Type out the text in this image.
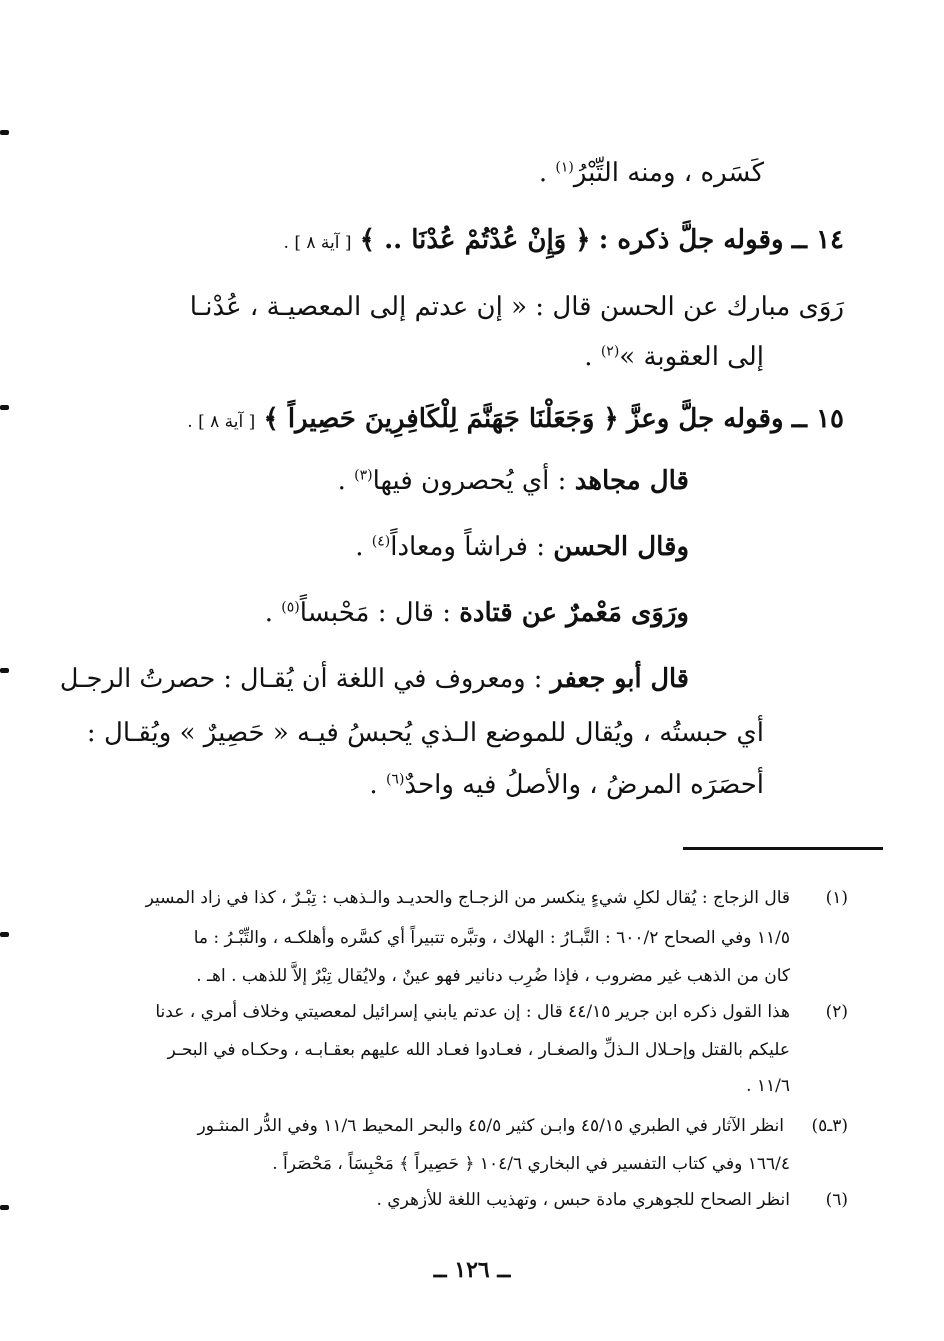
كَسَره ، ومنه التِّبْرُ$^{(١)}$ .
١٤ ــ وقوله جلَّ ذكره : ﴿ وَإِنْ عُدْتُمْ عُدْنَا .. ﴾ [ آية ٨ ] .
رَوَى مبارك عن الحسن قال : « إن عدتم إلى المعصيـة ، عُدْنـا
إلى العقوبة »$^{(٢)}$ .
١٥ ــ وقوله جلَّ وعزَّ ﴿ وَجَعَلْنَا جَهَنَّمَ لِلْكَافِرِينَ حَصِيراً ﴾ [ آية ٨ ] .
قال مجاهد : أي يُحصرون فيها$^{(٣)}$ .
وقال الحسن : فراشاً ومعاداً$^{(٤)}$ .
ورَوَى مَعْمرٌ عن قتادة : قال : مَحْبساً$^{(٥)}$ .
قال أبو جعفر : ومعروف في اللغة أن يُقـال : حصرتُ الرجـل
أي حبستُه ، ويُقال للموضع الـذي يُحبسُ فيـه « حَصِيرٌ » ويُقـال :
أحصَرَه المرضُ ، والأصلُ فيه واحدٌ$^{(٦)}$ .
(١)
قال الزجاج : يُقال لكلِ شيءٍ ينكسر من الزجـاج والحديـد والـذهب : تِبْـرٌ ، كذا في زاد المسير
١١/٥ وفي الصحاح ٦٠٠/٢ : التَّبـارُ : الهلاك ، وتبَّره تتبيراً أي كسَّره وأهلكـه ، والتِّبْـرُ : ما
كان من الذهب غير مضروب ، فإذا ضُرِب دنانير فهو عينٌ ، ولايُقال تِبْرٌ إلاَّ للذهب . اهـ .
(٢)
هذا القول ذكره ابن جرير ٤٤/١٥ قال : إن عدتم يابني إسرائيل لمعصيتي وخلاف أمري ، عدنا
عليكم بالقتل وإحـلال الـذلِّ والصغـار ، فعـادوا فعـاد الله عليهم بعقـابـه ، وحكـاه في البحـر
١١/٦ .
(٣ـ٥)
انظر الآثار في الطبري ٤٥/١٥ وابـن كثير ٤٥/٥ والبحر المحيط ١١/٦ وفي الدُّر المنثـور
١٦٦/٤ وفي كتاب التفسير في البخاري ١٠٤/٦ ﴿ حَصِيراً ﴾ مَحْبِسَاً ، مَحْصَراً .
(٦)
انظر الصحاح للجوهري مادة حبس ، وتهذيب اللغة للأزهري .
ــ ١٢٦ ــ
